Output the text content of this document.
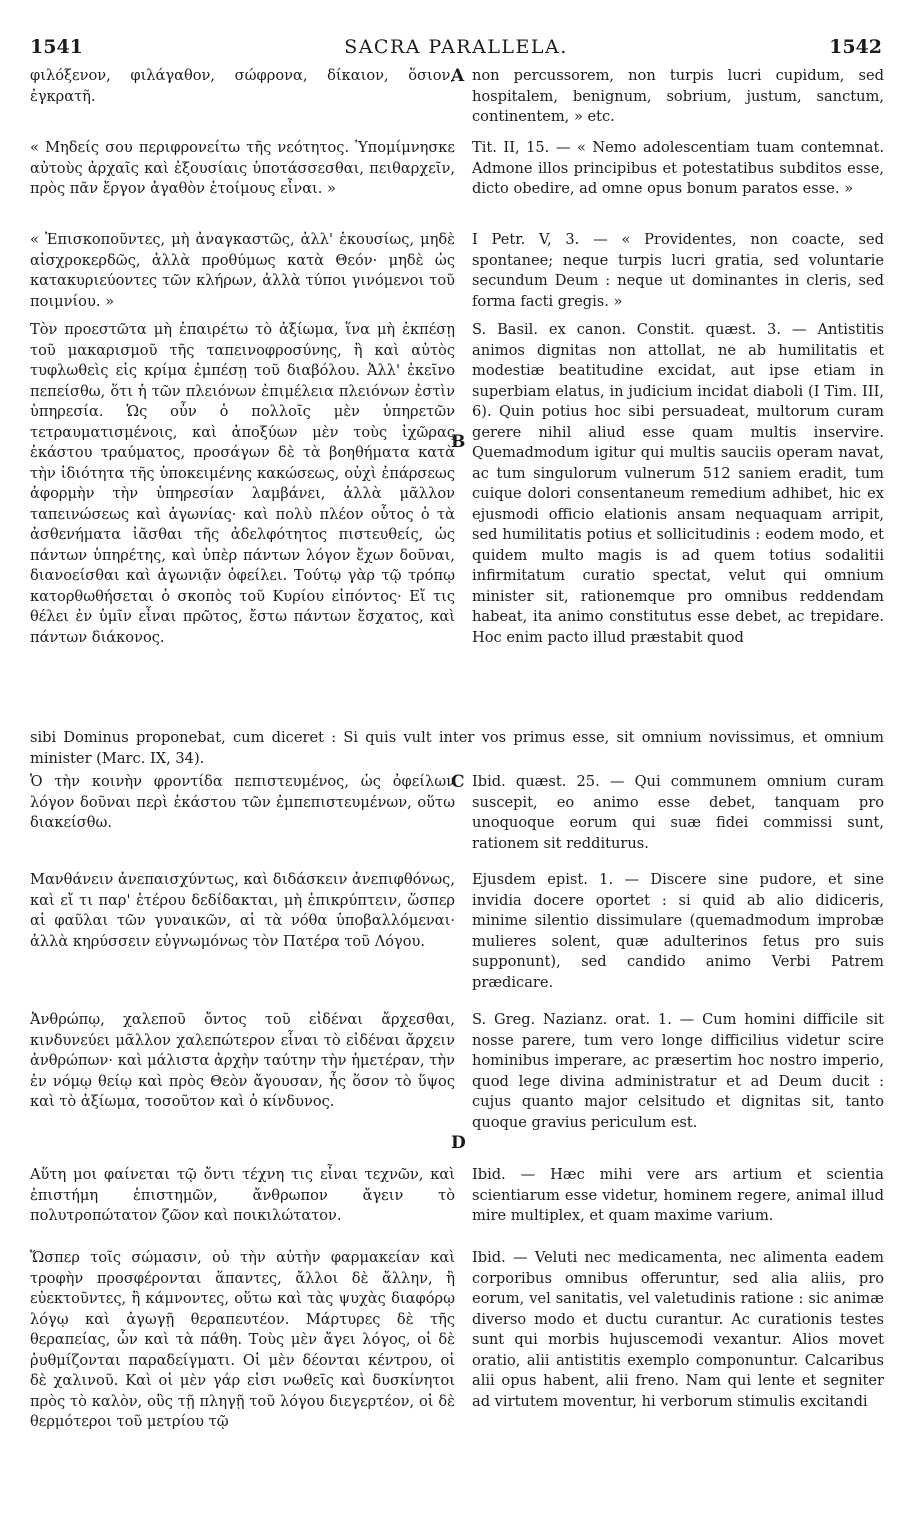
1541	SACRA PARALLELA.	1542

φιλόξενον, φιλάγαθον, σώφρονα, δίκαιον, ὅσιον, ἐγκρατῆ.

« Μηδείς σου περιφρονείτω τῆς νεότητος. Ὑπομίμνησκε αὐτοὺς ἀρχαῖς καὶ ἐξουσίαις ὑποτάσσεσθαι, πειθαρχεῖν, πρὸς πᾶν ἔργον ἀγαθὸν ἑτοίμους εἶναι. »

« Ἐπισκοποῦντες, μὴ ἀναγκαστῶς, ἀλλ' ἑκουσίως, μηδὲ αἰσχροκερδῶς, ἀλλὰ προθύμως κατὰ Θεόν· μηδὲ ὡς κατακυριεύοντες τῶν κλήρων, ἀλλὰ τύποι γινόμενοι τοῦ ποιμνίου. »

Τὸν προεστῶτα μὴ ἐπαιρέτω τὸ ἀξίωμα, ἵνα μὴ ἐκπέσῃ τοῦ μακαρισμοῦ τῆς ταπεινοφροσύνης, ἢ καὶ αὐτὸς τυφλωθεὶς εἰς κρίμα ἐμπέσῃ τοῦ διαβόλου. Ἀλλ' ἐκεῖνο πεπείσθω, ὅτι ἡ τῶν πλειόνων ἐπιμέλεια πλειόνων ἐστὶν ὑπηρεσία. Ὡς οὖν ὁ πολλοῖς μὲν ὑπηρετῶν τετραυματισμένοις, καὶ ἀποξύων μὲν τοὺς ἰχῶρας ἑκάστου τραύματος, προσάγων δὲ τὰ βοηθήματα κατὰ τὴν ἰδιότητα τῆς ὑποκειμένης κακώσεως, οὐχὶ ἐπάρσεως ἀφορμὴν τὴν ὑπηρεσίαν λαμβάνει, ἀλλὰ μᾶλλον ταπεινώσεως καὶ ἀγωνίας· καὶ πολὺ πλέον οὗτος ὁ τὰ ἀσθενήματα ἰᾶσθαι τῆς ἀδελφότητος πιστευθείς, ὡς πάντων ὑπηρέτης, καὶ ὑπὲρ πάντων λόγον ἔχων δοῦναι, διανοείσθαι καὶ ἀγωνιᾷν ὀφείλει. Τούτῳ γὰρ τῷ τρόπῳ κατορθωθήσεται ὁ σκοπὸς τοῦ Κυρίου εἰπόντος· Εἴ τις θέλει ἐν ὑμῖν εἶναι πρῶτος, ἔστω πάντων ἔσχατος, καὶ πάντων διάκονος.

Ὁ τὴν κοινὴν φροντίδα πεπιστευμένος, ὡς ὀφείλων λόγον δοῦναι περὶ ἑκάστου τῶν ἐμπεπιστευμένων, οὕτω διακείσθω.

Μανθάνειν ἀνεπαισχύντως, καὶ διδάσκειν ἀνεπιφθόνως, καὶ εἴ τι παρ' ἑτέρου δεδίδακται, μὴ ἐπικρύπτειν, ὥσπερ αἱ φαῦλαι τῶν γυναικῶν, αἱ τὰ νόθα ὑποβαλλόμεναι· ἀλλὰ κηρύσσειν εὐγνωμόνως τὸν Πατέρα τοῦ Λόγου.

Ἀνθρώπῳ, χαλεποῦ ὄντος τοῦ εἰδέναι ἄρχεσθαι, κινδυνεύει μᾶλλον χαλεπώτερον εἶναι τὸ εἰδέναι ἄρχειν ἀνθρώπων· καὶ μάλιστα ἀρχὴν ταύτην τὴν ἡμετέραν, τὴν ἐν νόμῳ θείῳ καὶ πρὸς Θεὸν ἄγουσαν, ἧς ὅσον τὸ ὕψος καὶ τὸ ἀξίωμα, τοσοῦτον καὶ ὁ κίνδυνος.

Αὕτη μοι φαίνεται τῷ ὄντι τέχνη τις εἶναι τεχνῶν, καὶ ἐπιστήμη ἐπιστημῶν, ἄνθρωπον ἄγειν τὸ πολυτροπώτατον ζῶον καὶ ποικιλώτατον.

Ὥσπερ τοῖς σώμασιν, οὐ τὴν αὐτὴν φαρμακείαν καὶ τροφὴν προσφέρονται ἅπαντες, ἄλλοι δὲ ἄλλην, ἢ εὐεκτοῦντες, ἢ κάμνοντες, οὕτω καὶ τὰς ψυχὰς διαφόρῳ λόγῳ καὶ ἀγωγῇ θεραπευτέον. Μάρτυρες δὲ τῆς θεραπείας, ὧν καὶ τὰ πάθη. Τοὺς μὲν ἄγει λόγος, οἱ δὲ ῥυθμίζονται παραδείγματι. Οἱ μὲν δέονται κέντρου, οἱ δὲ χαλινοῦ. Καὶ οἱ μὲν γάρ εἰσι νωθεῖς καὶ δυσκίνητοι πρὸς τὸ καλὸν, οὓς τῇ πληγῇ τοῦ λόγου διεγερτέον, οἱ δὲ θερμότεροι τοῦ μετρίου τῷ

non percussorem, non turpis lucri cupidum, sed hospitalem, benignum, sobrium, justum, sanctum, continentem, » etc.

Tit. II, 15. — « Nemo adolescentiam tuam contemnat. Admone illos principibus et potestatibus subditos esse, dicto obedire, ad omne opus bonum paratos esse. »

I Petr. V, 3. — « Providentes, non coacte, sed spontanee; neque turpis lucri gratia, sed voluntarie secundum Deum : neque ut dominantes in cleris, sed forma facti gregis. »

S. Basil. ex canon. Constit. quæst. 3. — Antistitis animos dignitas non attollat, ne ab humilitatis et modestiæ beatitudine excidat, aut ipse etiam in superbiam elatus, in judicium incidat diaboli (I Tim. III, 6). Quin potius hoc sibi persuadeat, multorum curam gerere nihil aliud esse quam multis inservire. Quemadmodum igitur qui multis sauciis operam navat, ac tum singulorum vulnerum 512 saniem eradit, tum cuique dolori consentaneum remedium adhibet, hic ex ejusmodi officio elationis ansam nequaquam arripit, sed humilitatis potius et sollicitudinis : eodem modo, et quidem multo magis is ad quem totius sodalitii infirmitatum curatio spectat, velut qui omnium minister sit, rationemque pro omnibus reddendam habeat, ita animo constitutus esse debet, ac trepidare. Hoc enim pacto illud præstabit quod

Ibid. quæst. 25. — Qui communem omnium curam suscepit, eo animo esse debet, tanquam pro unoquoque eorum qui suæ fidei commissi sunt, rationem sit redditurus.

Ejusdem epist. 1. — Discere sine pudore, et sine invidia docere oportet : si quid ab alio didiceris, minime silentio dissimulare (quemadmodum improbæ mulieres solent, quæ adulterinos fetus pro suis supponunt), sed candido animo Verbi Patrem prædicare.

S. Greg. Nazianz. orat. 1. — Cum homini difficile sit nosse parere, tum vero longe difficilius videtur scire hominibus imperare, ac præsertim hoc nostro imperio, quod lege divina administratur et ad Deum ducit : cujus quanto major celsitudo et dignitas sit, tanto quoque gravius periculum est.

Ibid. — Hæc mihi vere ars artium et scientia scientiarum esse videtur, hominem regere, animal illud mire multiplex, et quam maxime varium.

Ibid. — Veluti nec medicamenta, nec alimenta eadem corporibus omnibus offeruntur, sed alia aliis, pro eorum, vel sanitatis, vel valetudinis ratione : sic animæ diverso modo et ductu curantur. Ac curationis testes sunt qui morbis hujuscemodi vexantur. Alios movet oratio, alii antistitis exemplo componuntur. Calcaribus alii opus habent, alii freno. Nam qui lente et segniter ad virtutem moventur, hi verborum stimulis excitandi

sibi Dominus proponebat, cum diceret : Si quis vult inter vos primus esse, sit omnium novissimus, et omnium minister (Marc. IX, 34).

A
B
C
D
